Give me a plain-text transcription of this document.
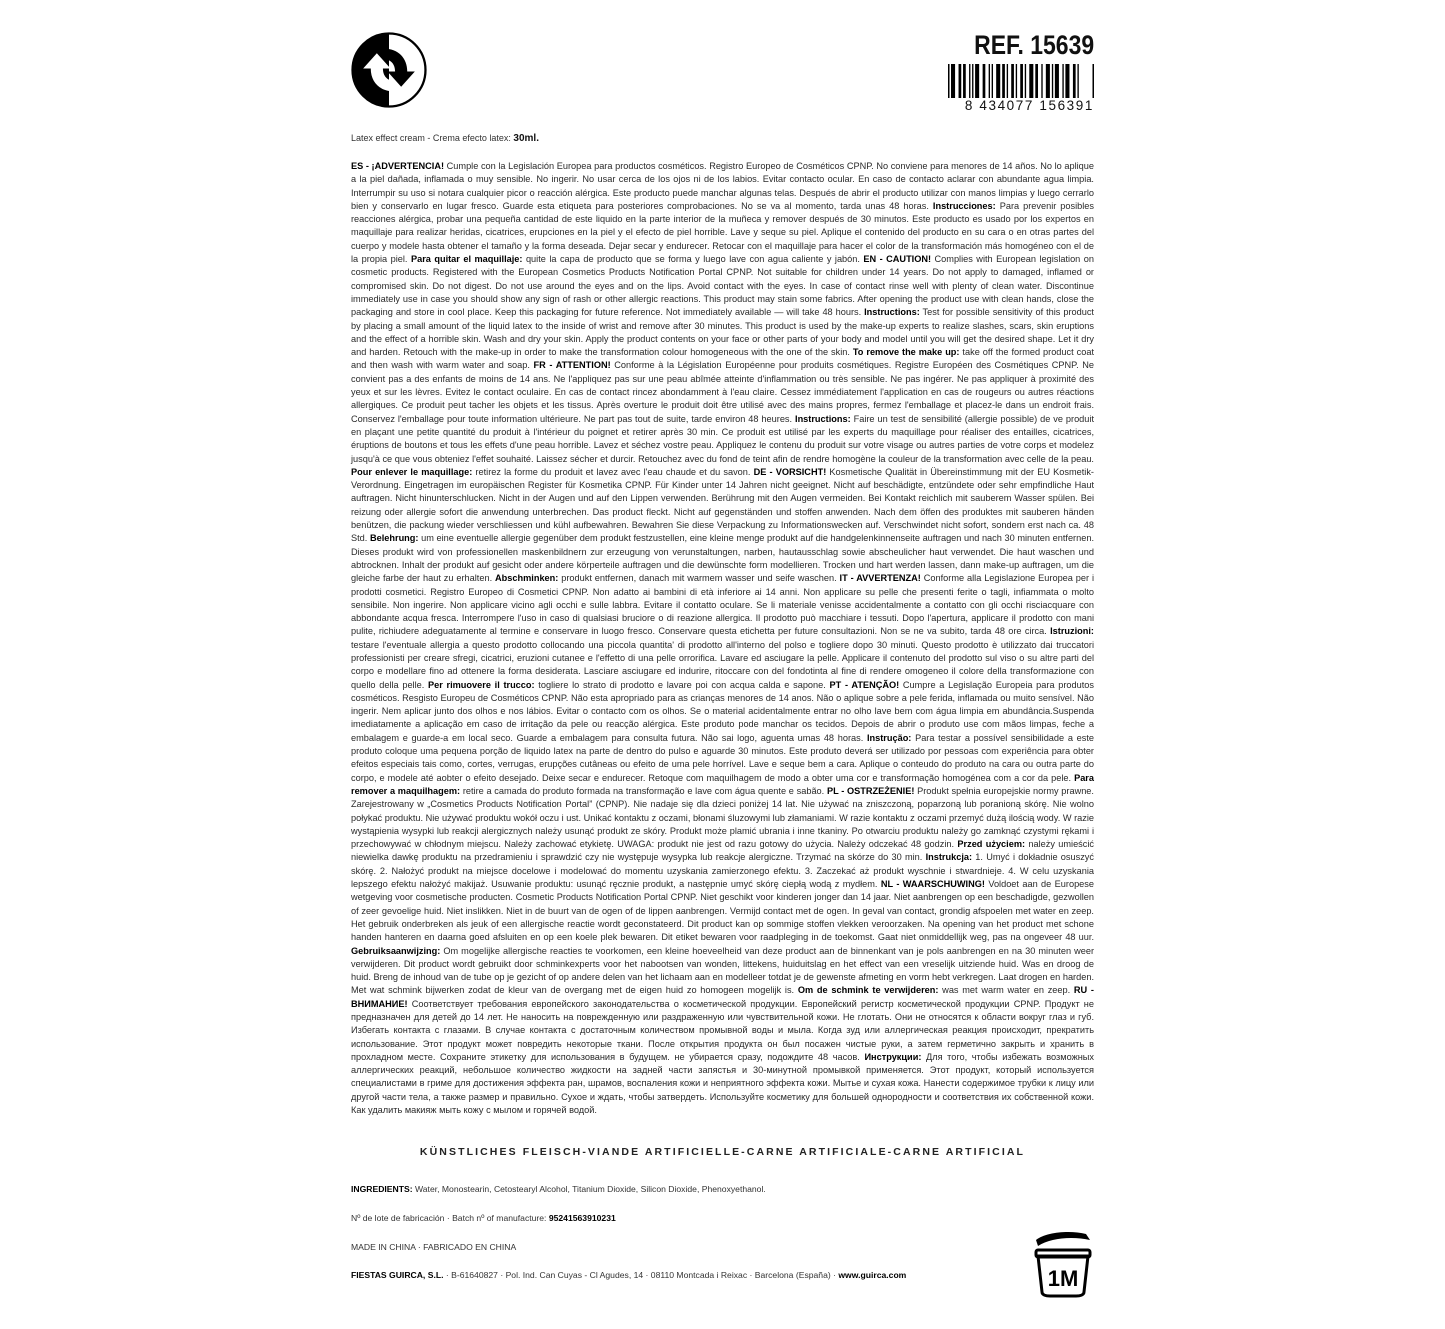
REF. 15639
8 434077 156391
Latex effect cream - Crema efecto latex: 30ml.
ES - ¡ADVERTENCIA! Cumple con la Legislación Europea para productos cosméticos. Registro Europeo de Cosméticos CPNP. No conviene para menores de 14 años. No lo aplique a la piel dañada, inflamada o muy sensible. No ingerir. No usar cerca de los ojos ni de los labios. Evitar contacto ocular. En caso de contacto aclarar con abundante agua limpia. Interrumpir su uso si notara cualquier picor o reacción alérgica. Este producto puede manchar algunas telas. Después de abrir el producto utilizar con manos limpias y luego cerrarlo bien y conservarlo en lugar fresco. Guarde esta etiqueta para posteriores comprobaciones. No se va al momento, tarda unas 48 horas. Instrucciones: Para prevenir posibles reacciones alérgica, probar una pequeña cantidad de este liquido en la parte interior de la muñeca y remover después de 30 minutos. Este producto es usado por los expertos en maquillaje para realizar heridas, cicatrices, erupciones en la piel y el efecto de piel horrible. Lave y seque su piel. Aplique el contenido del producto en su cara o en otras partes del cuerpo y modele hasta obtener el tamaño y la forma deseada. Dejar secar y endurecer. Retocar con el maquillaje para hacer el color de la transformación más homogéneo con el de la propia piel. Para quitar el maquillaje: quite la capa de producto que se forma y luego lave con agua caliente y jabón. EN - CAUTION! Complies with European legislation on cosmetic products. Registered with the European Cosmetics Products Notification Portal CPNP. Not suitable for children under 14 years. Do not apply to damaged, inflamed or compromised skin. Do not digest. Do not use around the eyes and on the lips. Avoid contact with the eyes. In case of contact rinse well with plenty of clean water. Discontinue immediately use in case you should show any sign of rash or other allergic reactions. This product may stain some fabrics. After opening the product use with clean hands, close the packaging and store in cool place. Keep this packaging for future reference. Not immediately available — will take 48 hours. Instructions: Test for possible sensitivity of this product by placing a small amount of the liquid latex to the inside of wrist and remove after 30 minutes. This product is used by the make-up experts to realize slashes, scars, skin eruptions and the effect of a horrible skin. Wash and dry your skin. Apply the product contents on your face or other parts of your body and model until you will get the desired shape. Let it dry and harden. Retouch with the make-up in order to make the transformation colour homogeneous with the one of the skin. To remove the make up: take off the formed product coat and then wash with warm water and soap. FR - ATTENTION! Conforme à la Législation Européenne pour produits cosmétiques. Registre Européen des Cosmétiques CPNP. Ne convient pas a des enfants de moins de 14 ans. Ne l'appliquez pas sur une peau abîmée atteinte d'inflammation ou très sensible. Ne pas ingérer. Ne pas appliquer à proximité des yeux et sur les lèvres. Evitez le contact oculaire. En cas de contact rincez abondamment à l'eau claire. Cessez immédiatement l'application en cas de rougeurs ou autres réactions allergiques. Ce produit peut tacher les objets et les tissus. Après overture le produit doit être utilisé avec des mains propres, fermez l'emballage et placez-le dans un endroit frais. Conservez l'emballage pour toute information ultérieure. Ne part pas tout de suite, tarde environ 48 heures. Instructions: Faire un test de sensibilité (allergie possible) de ve produit en plaçant une petite quantité du produit à l'intérieur du poignet et retirer après 30 min. Ce produit est utilisé par les experts du maquillage pour réaliser des entailles, cicatrices, éruptions de boutons et tous les effets d'une peau horrible. Lavez et séchez vostre peau. Appliquez le contenu du produit sur votre visage ou autres parties de votre corps et modelez jusqu'à ce que vous obteniez l'effet souhaité. Laissez sécher et durcir. Retouchez avec du fond de teint afin de rendre homogène la couleur de la transformation avec celle de la peau. Pour enlever le maquillage: retirez la forme du produit et lavez avec l'eau chaude et du savon. DE - VORSICHT! Kosmetische Qualität in Übereinstimmung mit der EU Kosmetik-Verordnung. Eingetragen im europäischen Register für Kosmetika CPNP. Für Kinder unter 14 Jahren nicht geeignet. Nicht auf beschädigte, entzündete oder sehr empfindliche Haut auftragen. Nicht hinunterschlucken. Nicht in der Augen und auf den Lippen verwenden. Berührung mit den Augen vermeiden. Bei Kontakt reichlich mit sauberem Wasser spülen. Bei reizung oder allergie sofort die anwendung unterbrechen. Das product fleckt. Nicht auf gegenständen und stoffen anwenden. Nach dem öffen des produktes mit sauberen händen benützen, die packung wieder verschliessen und kühl aufbewahren. Bewahren Sie diese Verpackung zu Informationswecken auf. Verschwindet nicht sofort, sondern erst nach ca. 48 Std. Belehrung: um eine eventuelle allergie gegenüber dem produkt festzustellen, eine kleine menge produkt auf die handgelenkinnenseite auftragen und nach 30 minuten entfernen. Dieses produkt wird von professionellen maskenbildnern zur erzeugung von verunstaltungen, narben, hautausschlag sowie abscheulicher haut verwendet. Die haut waschen und abtrocknen. Inhalt der produkt auf gesicht oder andere körperteile auftragen und die dewünschte form modellieren. Trocken und hart werden lassen, dann make-up auftragen, um die gleiche farbe der haut zu erhalten. Abschminken: produkt entfernen, danach mit warmem wasser und seife waschen. IT - AVVERTENZA! Conforme alla Legislazione Europea per i prodotti cosmetici. Registro Europeo di Cosmetici CPNP. Non adatto ai bambini di età inferiore ai 14 anni. Non applicare su pelle che presenti ferite o tagli, infiammata o molto sensibile. Non ingerire. Non applicare vicino agli occhi e sulle labbra. Evitare il contatto oculare. Se li materiale venisse accidentalmente a contatto con gli occhi risciacquare con abbondante acqua fresca. Interrompere l'uso in caso di qualsiasi bruciore o di reazione allergica. Il prodotto può macchiare i tessuti. Dopo l'apertura, applicare il prodotto con mani pulite, richiudere adeguatamente al termine e conservare in luogo fresco. Conservare questa etichetta per future consultazioni. Non se ne va subito, tarda 48 ore circa. Istruzioni: testare l'eventuale allergia a questo prodotto collocando una piccola quantita' di prodotto all'interno del polso e togliere dopo 30 minuti. Questo prodotto è utilizzato dai truccatori professionisti per creare sfregi, cicatrici, eruzioni cutanee e l'effetto di una pelle orrorifica. Lavare ed asciugare la pelle. Applicare il contenuto del prodotto sul viso o su altre parti del corpo e modellare fino ad ottenere la forma desiderata. Lasciare asciugare ed indurire, ritoccare con del fondotinta al fine di rendere omogeneo il colore della transformazione con quello della pelle. Per rimuovere il trucco: togliere lo strato di prodotto e lavare poi con acqua calda e sapone. PT - ATENÇÃO! Cumpre a Legislação Europeia para produtos cosméticos. Resgisto Europeu de Cosméticos CPNP. Não esta apropriado para as crianças menores de 14 anos. Não o aplique sobre a pele ferida, inflamada ou muito sensível. Não ingerir. Nem aplicar junto dos olhos e nos lábios. Evitar o contacto com os olhos. Se o material acidentalmente entrar no olho lave bem com água limpia em abundância.Suspenda imediatamente a aplicação em caso de irritação da pele ou reacção alérgica. Este produto pode manchar os tecidos. Depois de abrir o produto use com mãos limpas, feche a embalagem e guarde-a em local seco. Guarde a embalagem para consulta futura. Não sai logo, aguenta umas 48 horas. Instrução: Para testar a possível sensibilidade a este produto coloque uma pequena porção de liquido latex na parte de dentro do pulso e aguarde 30 minutos. Este produto deverá ser utilizado por pessoas com experiência para obter efeitos especiais tais como, cortes, verrugas, erupções cutâneas ou efeito de uma pele horrível. Lave e seque bem a cara. Aplique o conteudo do produto na cara ou outra parte do corpo, e modele até aobter o efeito desejado. Deixe secar e endurecer. Retoque com maquilhagem de modo a obter uma cor e transformação homogénea com a cor da pele. Para remover a maquilhagem: retire a camada do produto formada na transformação e lave com água quente e sabão. PL - OSTRZEŻENIE! Produkt spełnia europejskie normy prawne. Zarejestrowany w „Cosmetics Products Notification Portal” (CPNP). Nie nadaje się dla dzieci poniżej 14 lat. Nie używać na zniszczoną, poparzoną lub poranioną skórę. Nie wolno połykać produktu. Nie używać produktu wokół oczu i ust. Unikać kontaktu z oczami, błonami śluzowymi lub złamaniami. W razie kontaktu z oczami przemyć dużą ilością wody. W razie wystąpienia wysypki lub reakcji alergicznych należy usunąć produkt ze skóry. Produkt może plamić ubrania i inne tkaniny. Po otwarciu produktu należy go zamknąć czystymi rękami i przechowywać w chłodnym miejscu. Należy zachować etykietę. UWAGA: produkt nie jest od razu gotowy do użycia. Należy odczekać 48 godzin. Przed użyciem: należy umieścić niewielka dawkę produktu na przedramieniu i sprawdzić czy nie występuje wysypka lub reakcje alergiczne. Trzymać na skórze do 30 min. Instrukcja: 1. Umyć i dokładnie osuszyć skórę. 2. Nałożyć produkt na miejsce docelowe i modelować do momentu uzyskania zamierzonego efektu. 3. Zaczekać aż produkt wyschnie i stwardnieje. 4. W celu uzyskania lepszego efektu nałożyć makijaż. Usuwanie produktu: usunąć ręcznie produkt, a następnie umyć skórę ciepłą wodą z mydłem. NL - WAARSCHUWING! Voldoet aan de Europese wetgeving voor cosmetische producten. Cosmetic Products Notification Portal CPNP. Niet geschikt voor kinderen jonger dan 14 jaar. Niet aanbrengen op een beschadigde, gezwollen of zeer gevoelige huid. Niet inslikken. Niet in de buurt van de ogen of de lippen aanbrengen. Vermijd contact met de ogen. In geval van contact, grondig afspoelen met water en zeep. Het gebruik onderbreken als jeuk of een allergische reactie wordt geconstateerd. Dit product kan op sommige stoffen vlekken veroorzaken. Na opening van het product met schone handen hanteren en daarna goed afsluiten en op een koele plek bewaren. Dit etiket bewaren voor raadpleging in de toekomst. Gaat niet onmiddellijk weg, pas na ongeveer 48 uur. Gebruiksaanwijzing: Om mogelijke allergische reacties te voorkomen, een kleine hoeveelheid van deze product aan de binnenkant van je pols aanbrengen en na 30 minuten weer verwijderen. Dit product wordt gebruikt door schminkexperts voor het nabootsen van wonden, littekens, huiduitslag en het effect van een vreselijk uitziende huid. Was en droog de huid. Breng de inhoud van de tube op je gezicht of op andere delen van het lichaam aan en modelleer totdat je de gewenste afmeting en vorm hebt verkregen. Laat drogen en harden. Met wat schmink bijwerken zodat de kleur van de overgang met de eigen huid zo homogeen mogelijk is. Om de schmink te verwijderen: was met warm water en zeep. RU - ВНИМАНИЕ! Соответствует требования европейского законодательства о косметической продукции. Европейский регистр косметической продукции CPNP. Продукт не предназначен для детей до 14 лет. Не наносить на поврежденную или раздраженную или чувствительной кожи. Не глотать. Они не относятся к области вокруг глаз и губ. Избегать контакта с глазами. В случае контакта с достаточным количеством промывной воды и мыла. Когда зуд или аллергическая реакция происходит, прекратить использование. Этот продукт может повредить некоторые ткани. После открытия продукта он был посажен чистые руки, а затем герметично закрыть и хранить в прохладном месте. Сохраните этикетку для использования в будущем. не убирается сразу, подождите 48 часов. Инструкции: Для того, чтобы избежать возможных аллергических реакций, небольшое количество жидкости на задней части запястья и 30-минутной промывкой применяется. Этот продукт, который используется специалистами в гриме для достижения эффекта ран, шрамов, воспаления кожи и неприятного эффекта кожи. Мытье и сухая кожа. Нанести содержимое трубки к лицу или другой части тела, а также размер и правильно. Сухое и ждать, чтобы затвердеть. Используйте косметику для большей однородности и соответствия их собственной кожи. Как удалить макияж мыть кожу с мылом и горячей водой.
KÜNSTLICHES FLEISCH-VIANDE ARTIFICIELLE-CARNE ARTIFICIALE-CARNE ARTIFICIAL
INGREDIENTS: Water, Monostearin, Cetostearyl Alcohol, Titanium Dioxide, Silicon Dioxide, Phenoxyethanol.
Nº de lote de fabricación · Batch nº of manufacture: 95241563910231
MADE IN CHINA · FABRICADO EN CHINA
FIESTAS GUIRCA, S.L. · B-61640827 · Pol. Ind. Can Cuyas - Cl Agudes, 14 · 08110 Montcada i Reixac · Barcelona (España) · www.guirca.com	1M
